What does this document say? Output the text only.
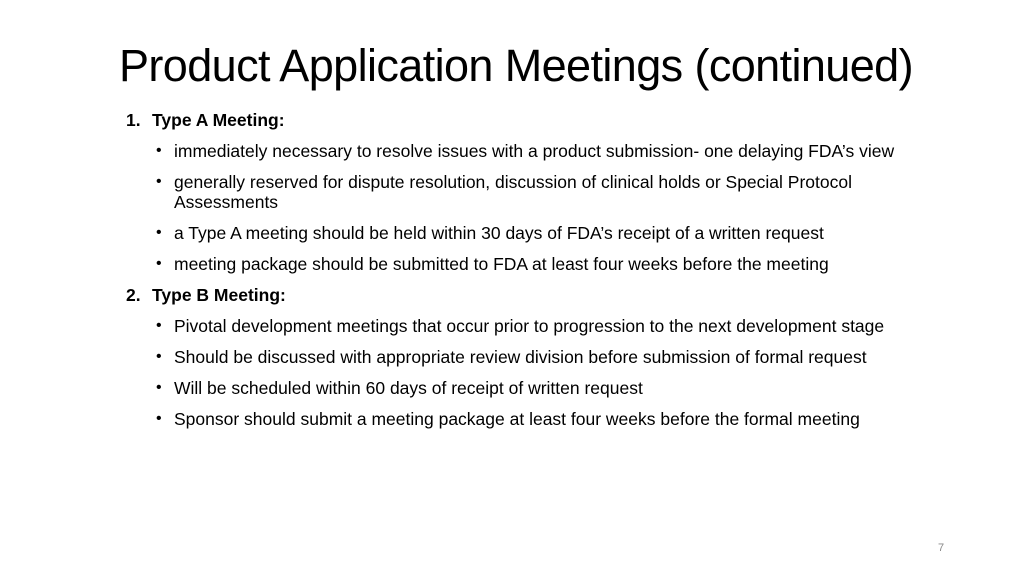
Product Application Meetings (continued)
1. Type A Meeting:
• immediately necessary to resolve issues with a product submission- one delaying FDA’s view
• generally reserved for dispute resolution, discussion of clinical holds or Special Protocol Assessments
• a Type A meeting should be held within 30 days of FDA’s receipt of a written request
• meeting package should be submitted to FDA at least four weeks before the meeting
2. Type B Meeting:
• Pivotal development meetings that occur prior to progression to the next development stage
• Should be discussed with appropriate review division before submission of formal request
• Will be scheduled within 60 days of receipt of written request
• Sponsor should submit a meeting package at least four weeks before the formal meeting
7
